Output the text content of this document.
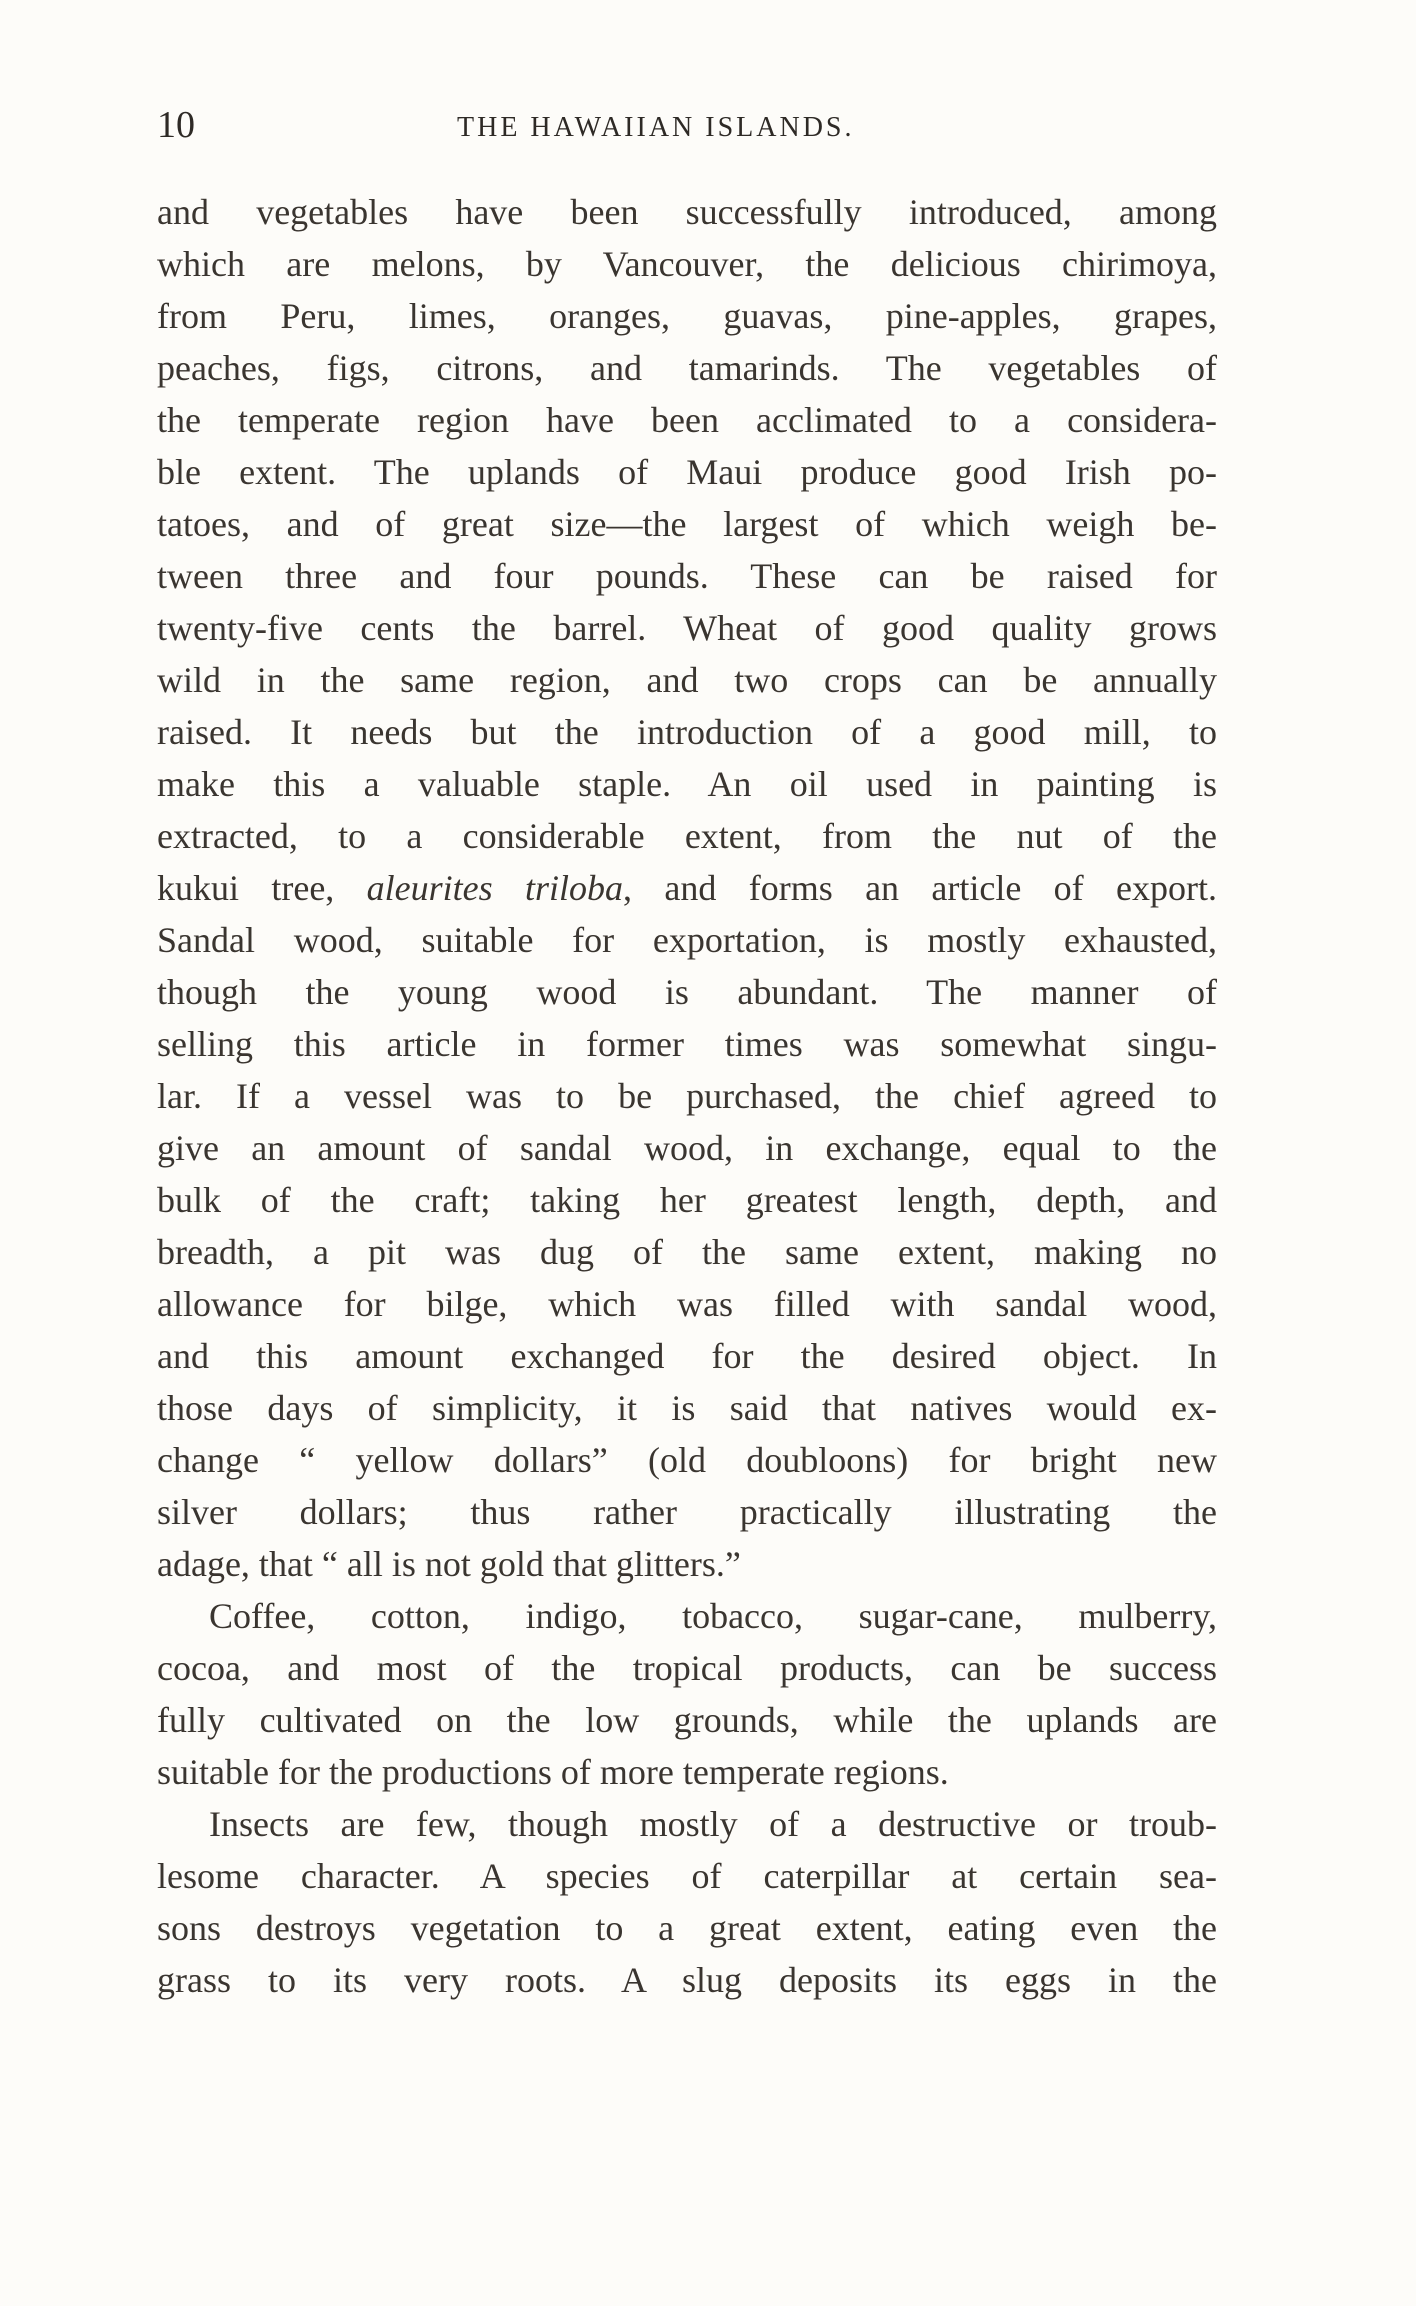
10	THE HAWAIIAN ISLANDS.
and vegetables have been successfully introduced, among
which are melons, by Vancouver, the delicious chirimoya,
from Peru, limes, oranges, guavas, pine-apples, grapes,
peaches, figs, citrons, and tamarinds. The vegetables of
the temperate region have been acclimated to a considera-
ble extent. The uplands of Maui produce good Irish po-
tatoes, and of great size—the largest of which weigh be-
tween three and four pounds. These can be raised for
twenty-five cents the barrel. Wheat of good quality grows
wild in the same region, and two crops can be annually
raised. It needs but the introduction of a good mill, to
make this a valuable staple. An oil used in painting is
extracted, to a considerable extent, from the nut of the
kukui tree, aleurites triloba, and forms an article of export.
Sandal wood, suitable for exportation, is mostly exhausted,
though the young wood is abundant. The manner of
selling this article in former times was somewhat singu-
lar. If a vessel was to be purchased, the chief agreed to
give an amount of sandal wood, in exchange, equal to the
bulk of the craft; taking her greatest length, depth, and
breadth, a pit was dug of the same extent, making no
allowance for bilge, which was filled with sandal wood,
and this amount exchanged for the desired object. In
those days of simplicity, it is said that natives would ex-
change “ yellow dollars” (old doubloons) for bright new
silver dollars; thus rather practically illustrating the
adage, that “ all is not gold that glitters.”
Coffee, cotton, indigo, tobacco, sugar-cane, mulberry,
cocoa, and most of the tropical products, can be success
fully cultivated on the low grounds, while the uplands are
suitable for the productions of more temperate regions.
Insects are few, though mostly of a destructive or troub-
lesome character. A species of caterpillar at certain sea-
sons destroys vegetation to a great extent, eating even the
grass to its very roots. A slug deposits its eggs in the
